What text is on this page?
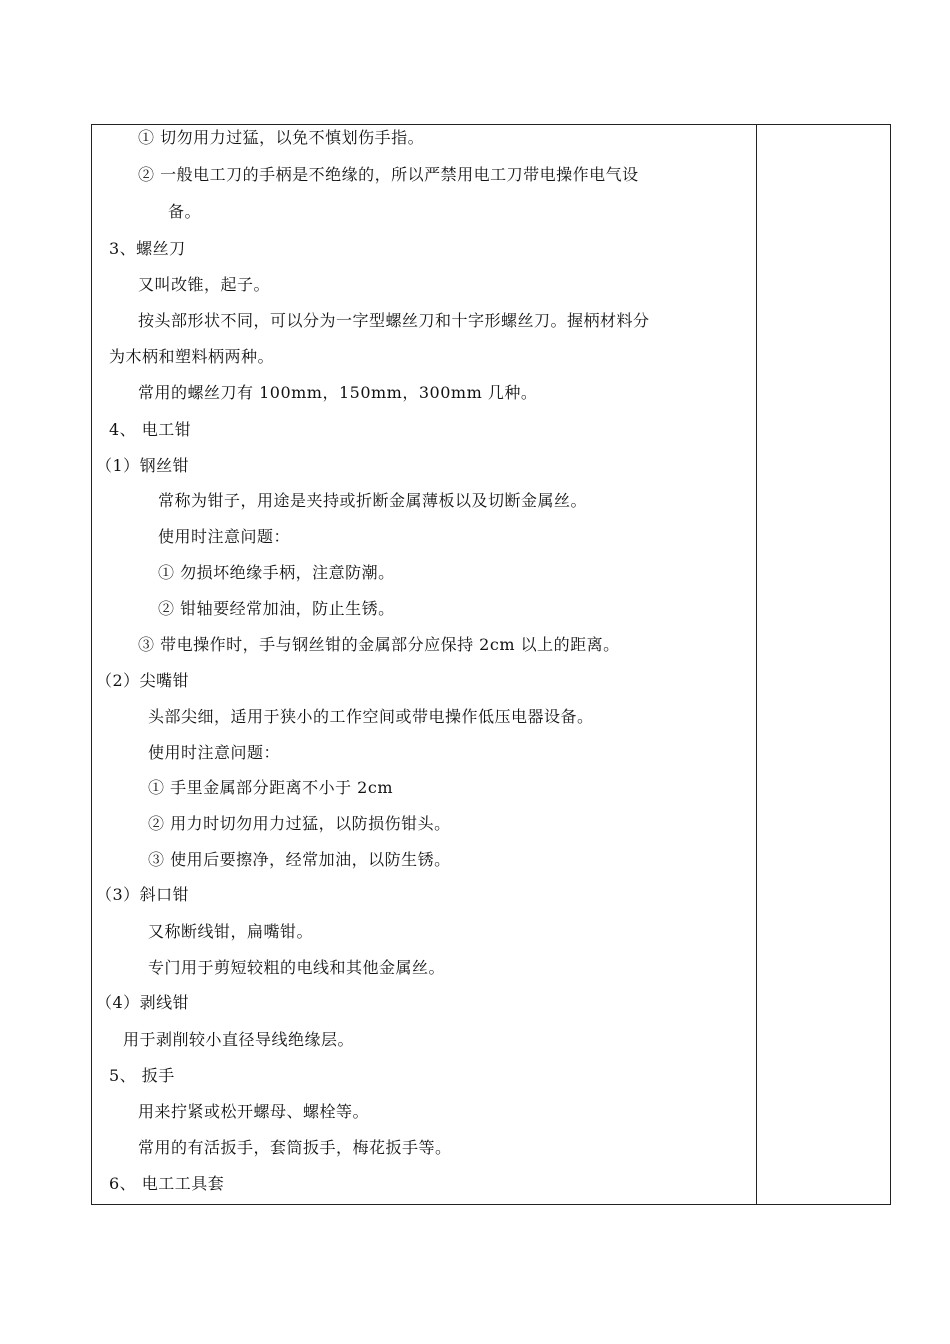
① 切勿用力过猛，以免不慎划伤手指。
② 一般电工刀的手柄是不绝缘的，所以严禁用电工刀带电操作电气设
备。
3、螺丝刀
又叫改锥，起子。
按头部形状不同，可以分为一字型螺丝刀和十字形螺丝刀。握柄材料分
为木柄和塑料柄两种。
常用的螺丝刀有 100mm，150mm，300mm 几种。
4、 电工钳
（1）钢丝钳
常称为钳子，用途是夹持或折断金属薄板以及切断金属丝。
使用时注意问题：
① 勿损坏绝缘手柄，注意防潮。
② 钳轴要经常加油，防止生锈。
③ 带电操作时，手与钢丝钳的金属部分应保持 2cm 以上的距离。
（2）尖嘴钳
头部尖细，适用于狭小的工作空间或带电操作低压电器设备。
使用时注意问题：
① 手里金属部分距离不小于 2cm
② 用力时切勿用力过猛，以防损伤钳头。
③ 使用后要擦净，经常加油，以防生锈。
（3）斜口钳
又称断线钳，扁嘴钳。
专门用于剪短较粗的电线和其他金属丝。
（4）剥线钳
用于剥削较小直径导线绝缘层。
5、 扳手
用来拧紧或松开螺母、螺栓等。
常用的有活扳手，套筒扳手，梅花扳手等。
6、 电工工具套
